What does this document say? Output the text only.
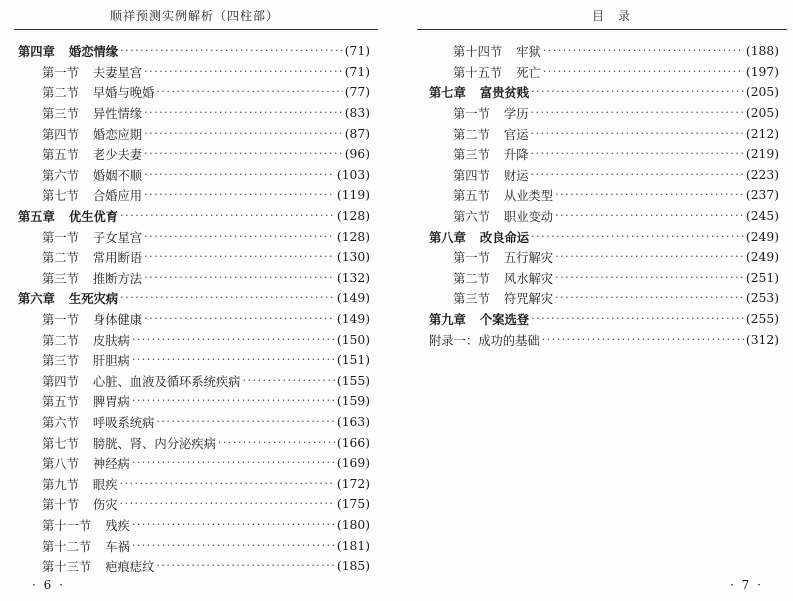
顺祥预测实例解析（四柱部）
第四章 婚恋情缘 ·····	(71)
第一节 夫妻星宫 ·····	(71)
第二节 早婚与晚婚 ·····	(77)
第三节 异性情缘 ·····	(83)
第四节 婚恋应期 ·····	(87)
第五节 老少夫妻 ·····	(96)
第六节 婚姻不顺 ·····	(103)
第七节 合婚应用 ·····	(119)
第五章 优生优育 ·····	(128)
第一节 子女星宫 ·····	(128)
第二节 常用断语 ·····	(130)
第三节 推断方法 ·····	(132)
第六章 生死灾病 ·····	(149)
第一节 身体健康 ·····	(149)
第二节 皮肤病 ·····	(150)
第三节 肝胆病 ·····	(151)
第四节 心脏、血液及循环系统疾病 ·····	(155)
第五节 脾胃病 ·····	(159)
第六节 呼吸系统病 ·····	(163)
第七节 膀胱、肾、内分泌疾病 ·····	(166)
第八节 神经病 ·····	(169)
第九节 眼疾 ·····	(172)
第十节 伤灾 ·····	(175)
第十一节 残疾 ·····	(180)
第十二节 车祸 ·····	(181)
第十三节 疤痕痣纹 ·····	(185)
· 6 ·
目　录
第十四节 牢狱 ·····	(188)
第十五节 死亡 ·····	(197)
第七章 富贵贫贱 ·····	(205)
第一节 学历 ·····	(205)
第二节 官运 ·····	(212)
第三节 升降 ·····	(219)
第四节 财运 ·····	(223)
第五节 从业类型 ·····	(237)
第六节 职业变动 ·····	(245)
第八章 改良命运 ·····	(249)
第一节 五行解灾 ·····	(249)
第二节 风水解灾 ·····	(251)
第三节 符咒解灾 ·····	(253)
第九章 个案选登 ·····	(255)
附录一： 成功的基础 ·····	(312)
· 7 ·
